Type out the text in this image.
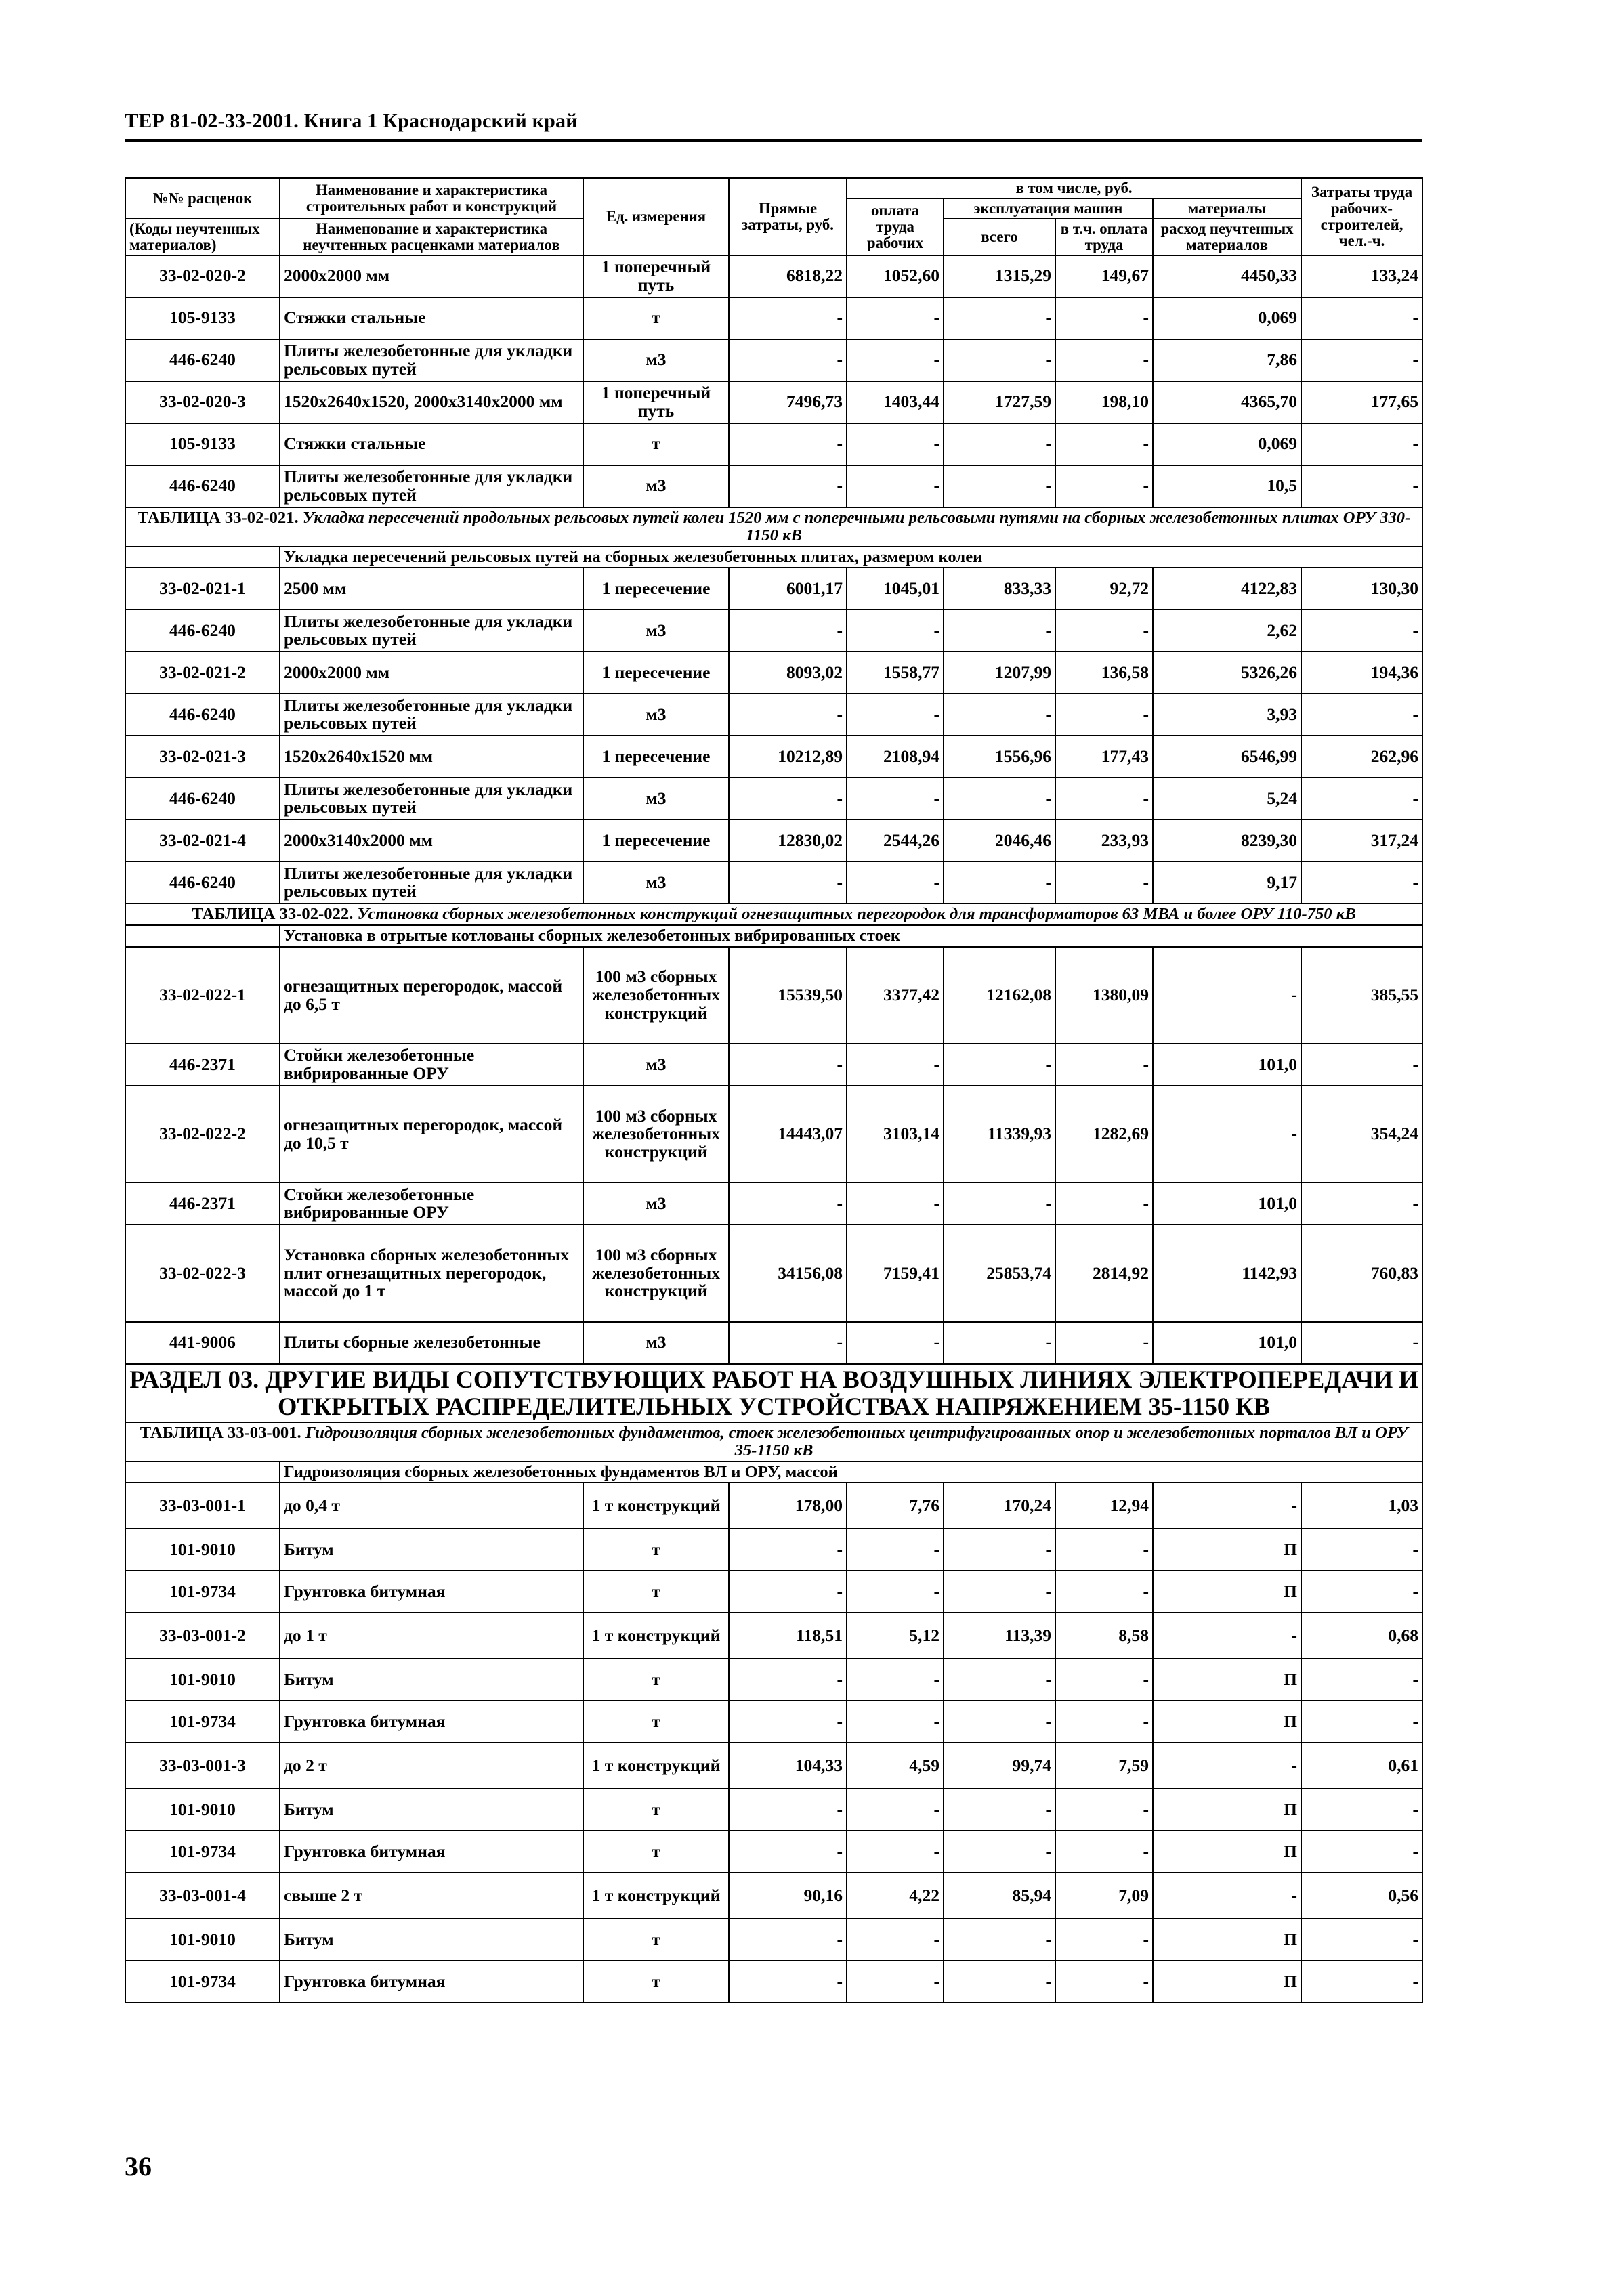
ТЕР 81-02-33-2001. Книга 1 Краснодарский край
№№ расценок	Наименование и характеристика строительных работ и конструкций	Ед. измерения	Прямые затраты, руб.	в том числе, руб.				Затраты труда рабочих-строителей, чел.-ч.
				оплата труда рабочих	эксплуатация машин		материалы	
(Коды неучтенных материалов)	Наименование и характеристика неучтенных расценками материалов				всего	в т.ч. оплата труда		
							расход неучтенных материалов	
33-02-020-2	2000x2000 мм	1 поперечный путь	6818,22	1052,60	1315,29	149,67	4450,33	133,24
105-9133	Стяжки стальные	т	-	-	-	-	0,069	-
446-6240	Плиты железобетонные для укладки рельсовых путей	м3	-	-	-	-	7,86	-
33-02-020-3	1520x2640x1520, 2000x3140x2000 мм	1 поперечный путь	7496,73	1403,44	1727,59	198,10	4365,70	177,65
105-9133	Стяжки стальные	т	-	-	-	-	0,069	-
446-6240	Плиты железобетонные для укладки рельсовых путей	м3	-	-	-	-	10,5	-
ТАБЛИЦА 33-02-021. Укладка пересечений продольных рельсовых путей колеи 1520 мм с поперечными рельсовыми путями на сборных железобетонных плитах ОРУ 330-1150 кВ								
	Укладка пересечений рельсовых путей на сборных железобетонных плитах, размером колеи							
33-02-021-1	2500 мм	1 пересечение	6001,17	1045,01	833,33	92,72	4122,83	130,30
446-6240	Плиты железобетонные для укладки рельсовых путей	м3	-	-	-	-	2,62	-
33-02-021-2	2000x2000 мм	1 пересечение	8093,02	1558,77	1207,99	136,58	5326,26	194,36
446-6240	Плиты железобетонные для укладки рельсовых путей	м3	-	-	-	-	3,93	-
33-02-021-3	1520x2640x1520 мм	1 пересечение	10212,89	2108,94	1556,96	177,43	6546,99	262,96
446-6240	Плиты железобетонные для укладки рельсовых путей	м3	-	-	-	-	5,24	-
33-02-021-4	2000x3140x2000 мм	1 пересечение	12830,02	2544,26	2046,46	233,93	8239,30	317,24
446-6240	Плиты железобетонные для укладки рельсовых путей	м3	-	-	-	-	9,17	-
ТАБЛИЦА 33-02-022. Установка сборных железобетонных конструкций огнезащитных перегородок для трансформаторов 63 МВА и более ОРУ 110-750 кВ								
	Установка в отрытые котлованы сборных железобетонных вибрированных стоек							
33-02-022-1	огнезащитных перегородок, массой до 6,5 т	100 м3 сборных железобетонных конструкций	15539,50	3377,42	12162,08	1380,09	-	385,55
446-2371	Стойки железобетонные вибрированные ОРУ	м3	-	-	-	-	101,0	-
33-02-022-2	огнезащитных перегородок, массой до 10,5 т	100 м3 сборных железобетонных конструкций	14443,07	3103,14	11339,93	1282,69	-	354,24
446-2371	Стойки железобетонные вибрированные ОРУ	м3	-	-	-	-	101,0	-
33-02-022-3	Установка сборных железобетонных плит огнезащитных перегородок, массой до 1 т	100 м3 сборных железобетонных конструкций	34156,08	7159,41	25853,74	2814,92	1142,93	760,83
441-9006	Плиты сборные железобетонные	м3	-	-	-	-	101,0	-
РАЗДЕЛ 03. ДРУГИЕ ВИДЫ СОПУТСТВУЮЩИХ РАБОТ НА ВОЗДУШНЫХ ЛИНИЯХ ЭЛЕКТРОПЕРЕДАЧИ И ОТКРЫТЫХ РАСПРЕДЕЛИТЕЛЬНЫХ УСТРОЙСТВАХ НАПРЯЖЕНИЕМ 35-1150 КВ								
ТАБЛИЦА 33-03-001. Гидроизоляция сборных железобетонных фундаментов, стоек железобетонных центрифугированных опор и железобетонных порталов ВЛ и ОРУ 35-1150 кВ								
	Гидроизоляция сборных железобетонных фундаментов ВЛ и ОРУ, массой							
33-03-001-1	до 0,4 т	1 т конструкций	178,00	7,76	170,24	12,94	-	1,03
101-9010	Битум	т	-	-	-	-	П	-
101-9734	Грунтовка битумная	т	-	-	-	-	П	-
33-03-001-2	до 1 т	1 т конструкций	118,51	5,12	113,39	8,58	-	0,68
101-9010	Битум	т	-	-	-	-	П	-
101-9734	Грунтовка битумная	т	-	-	-	-	П	-
33-03-001-3	до 2 т	1 т конструкций	104,33	4,59	99,74	7,59	-	0,61
101-9010	Битум	т	-	-	-	-	П	-
101-9734	Грунтовка битумная	т	-	-	-	-	П	-
33-03-001-4	свыше 2 т	1 т конструкций	90,16	4,22	85,94	7,09	-	0,56
101-9010	Битум	т	-	-	-	-	П	-
101-9734	Грунтовка битумная	т	-	-	-	-	П	-
36
